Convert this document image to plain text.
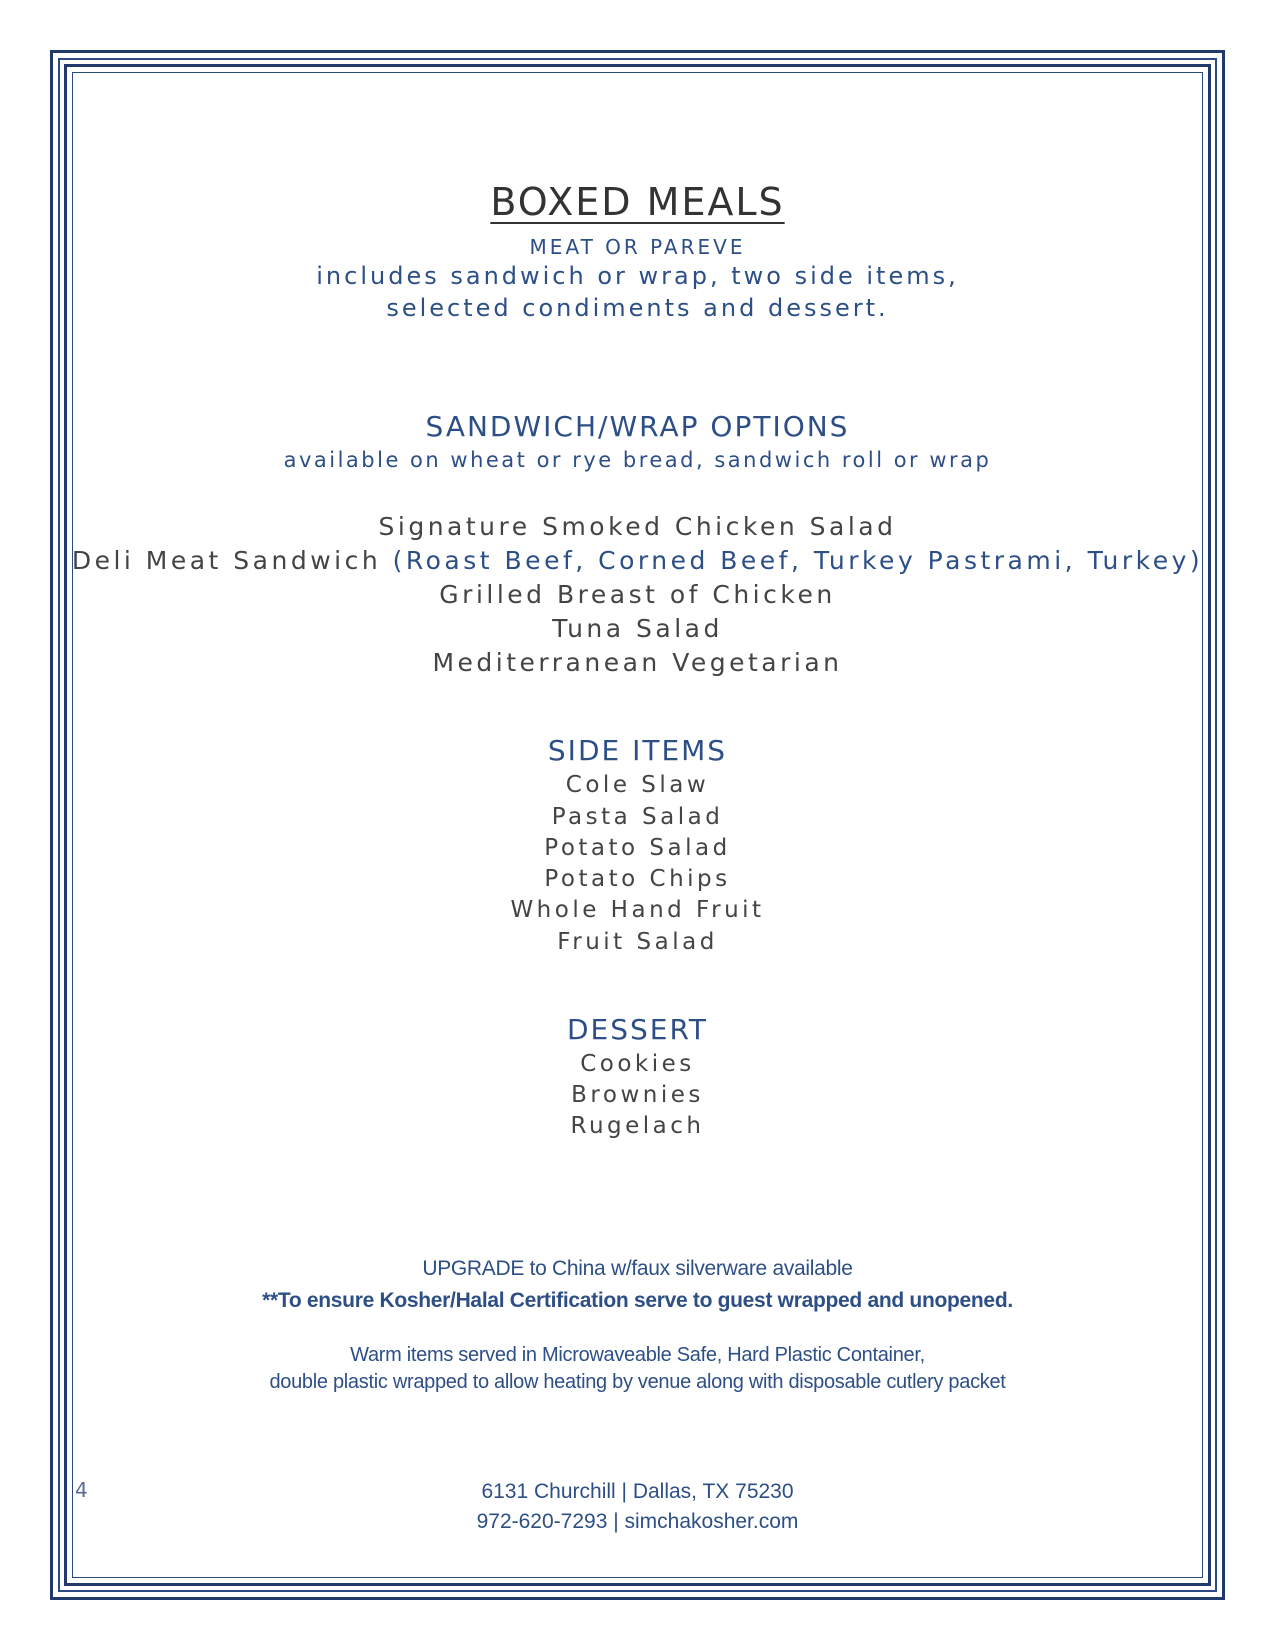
BOXED MEALS
MEAT OR PAREVE
includes sandwich or wrap, two side items,
selected condiments and dessert.
SANDWICH/WRAP OPTIONS
available on wheat or rye bread, sandwich roll or wrap
Signature Smoked Chicken Salad
Deli Meat Sandwich (Roast Beef, Corned Beef, Turkey Pastrami, Turkey)
Grilled Breast of Chicken
Tuna Salad
Mediterranean Vegetarian
SIDE ITEMS
Cole Slaw
Pasta Salad
Potato Salad
Potato Chips
Whole Hand Fruit
Fruit Salad
DESSERT
Cookies
Brownies
Rugelach
UPGRADE to China w/faux silverware available
**To ensure Kosher/Halal Certification serve to guest wrapped and unopened.
Warm items served in Microwaveable Safe, Hard Plastic Container,
double plastic wrapped to allow heating by venue along with disposable cutlery packet
4	6131 Churchill | Dallas, TX 75230
972-620-7293 | simchakosher.com
